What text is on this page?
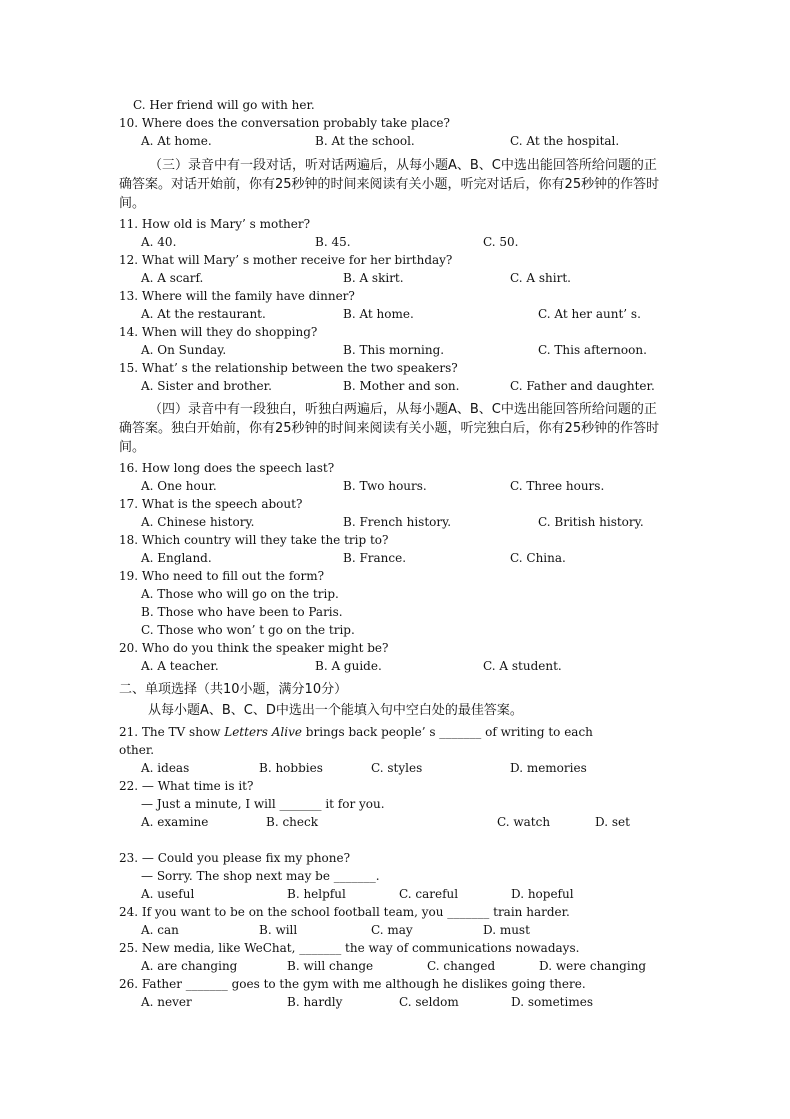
C. Her friend will go with her.
10. Where does the conversation probably take place?
A. At home.	B. At the school.	C. At the hospital.
（三）录音中有一段对话，听对话两遍后，从每小题A、B、C中选出能回答所给问题的正确答案。对话开始前，你有25秒钟的时间来阅读有关小题，听完对话后，你有25秒钟的作答时间。
11. How old is Mary’ s mother?
A. 40.	B. 45.	C. 50.
12. What will Mary’ s mother receive for her birthday?
A. A scarf.	B. A skirt.	C. A shirt.
13. Where will the family have dinner?
A. At the restaurant.	B. At home.	C. At her aunt’ s.
14. When will they do shopping?
A. On Sunday.	B. This morning.	C. This afternoon.
15. What’ s the relationship between the two speakers?
A. Sister and brother.	B. Mother and son.	C. Father and daughter.
（四）录音中有一段独白，听独白两遍后，从每小题A、B、C中选出能回答所给问题的正确答案。独白开始前，你有25秒钟的时间来阅读有关小题，听完独白后，你有25秒钟的作答时间。
16. How long does the speech last?
A. One hour.	B. Two hours.	C. Three hours.
17. What is the speech about?
A. Chinese history.	B. French history.	C. British history.
18. Which country will they take the trip to?
A. England.	B. France.	C. China.
19. Who need to fill out the form?
A. Those who will go on the trip.
B. Those who have been to Paris.
C. Those who won’ t go on the trip.
20. Who do you think the speaker might be?
A. A teacher.	B. A guide.	C. A student.
二、单项选择（共10小题，满分10分）
从每小题A、B、C、D中选出一个能填入句中空白处的最佳答案。
21. The TV show Letters Alive brings back people’ s _______ of writing to each
other.
A. ideas	B. hobbies	C. styles	D. memories
22. — What time is it?
— Just a minute, I will _______ it for you.
A. examine	B. check	C. watch	D. set
23. — Could you please fix my phone?
— Sorry. The shop next may be _______.
A. useful	B. helpful	C. careful	D. hopeful
24. If you want to be on the school football team, you _______ train harder.
A. can	B. will	C. may	D. must
25. New media, like WeChat, _______ the way of communications nowadays.
A. are changing	B. will change	C. changed	D. were changing
26. Father _______ goes to the gym with me although he dislikes going there.
A. never	B. hardly	C. seldom	D. sometimes
